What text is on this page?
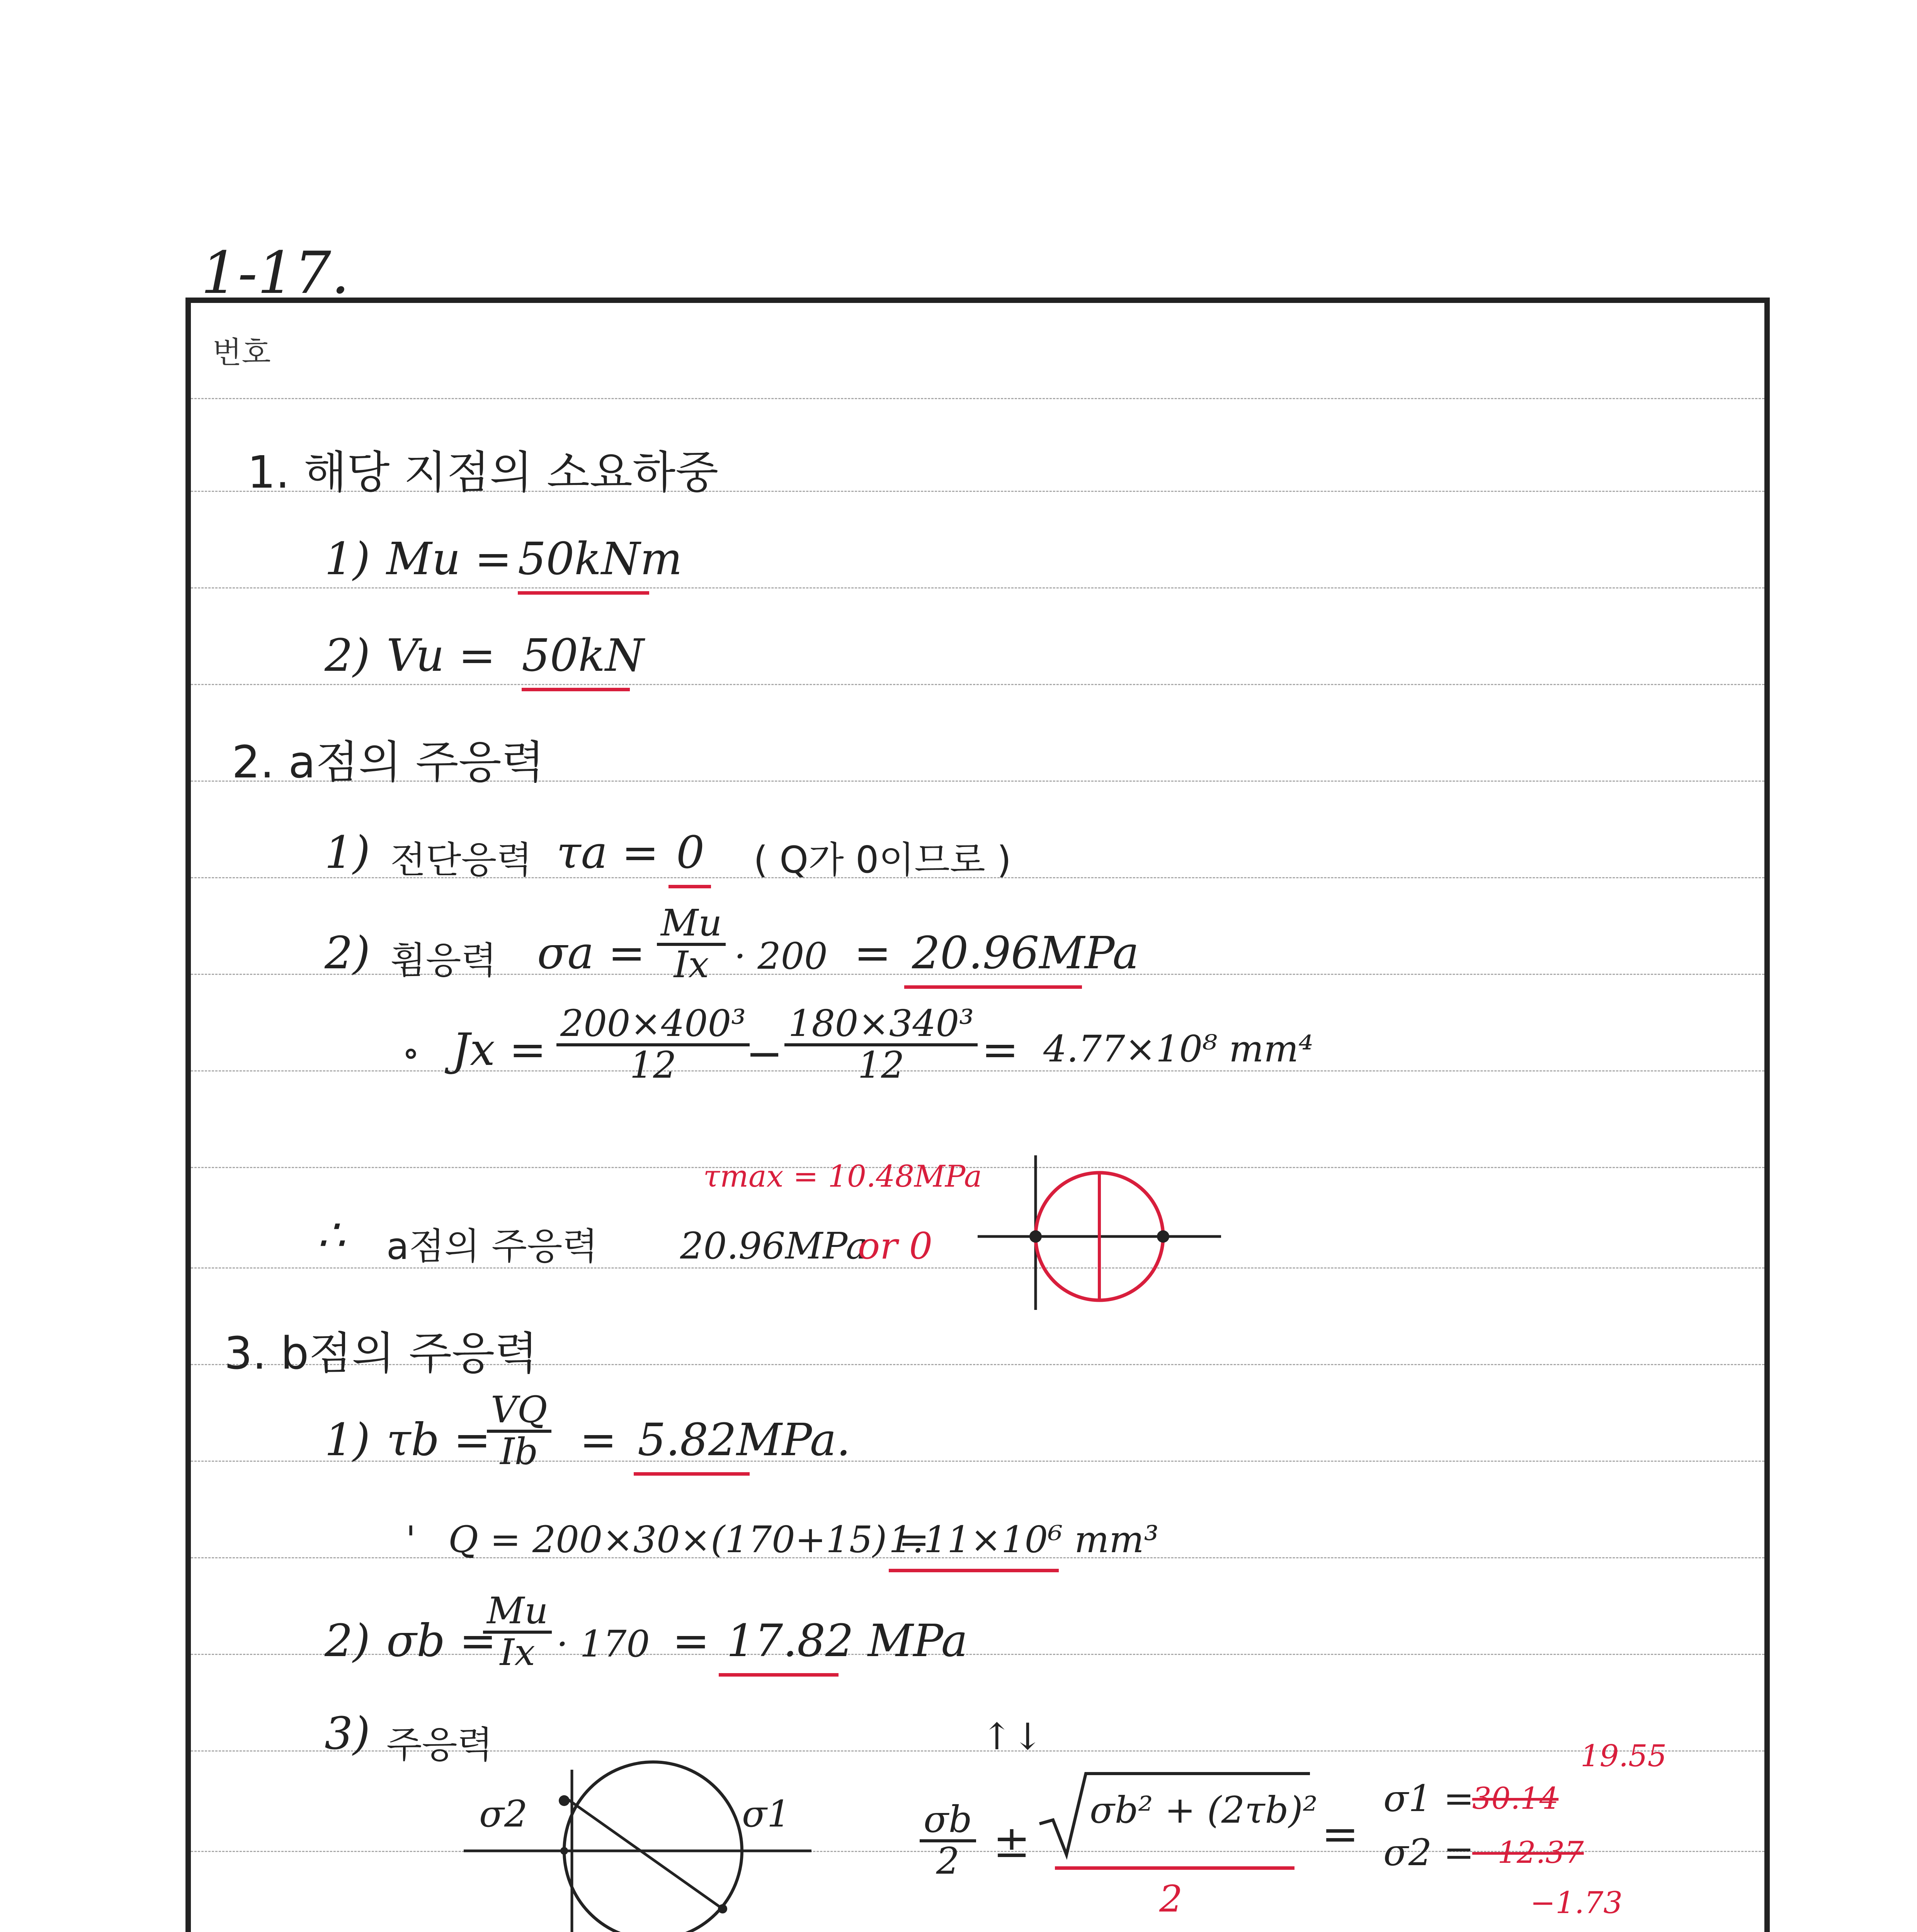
1-17.
번호
1. 해당 지점의 소요하중
1) Mu = 50kNm
2) Vu = 50kN
2. a점의 주응력
1) 전단응력 τa = 0 ( Q가 0이므로 )
2) 휨응력 $\sigma a = \frac{Mu}{Ix} \cdot 200 = 20.96MPa$
∘ $Jx = \frac{\text{200×400³}}{12}$
− $\frac{\text{180×340³}}{12} = 4.77\times 10^8$ mm⁴
τmax = 10.48MPa
∴ a점의 주응력 20.96MPa
or 0
3. b점의 주응력
1) τb =
$\frac{VQ}{Ib} = 5.82MPa$.
' Q = 200×30×(170+15) =
1.11×10⁶ mm³
2) σb =
$\frac{Mu}{Ix} \cdot 170 = 17.82$ MPa
3) 주응력
σ2	σ1
↑↓
$\frac{\sigma b}{2}$ ±
σb² + (2τb)²
2
=
σ1 =
30.14
19.55
σ2 =
−12.37
−1.73
